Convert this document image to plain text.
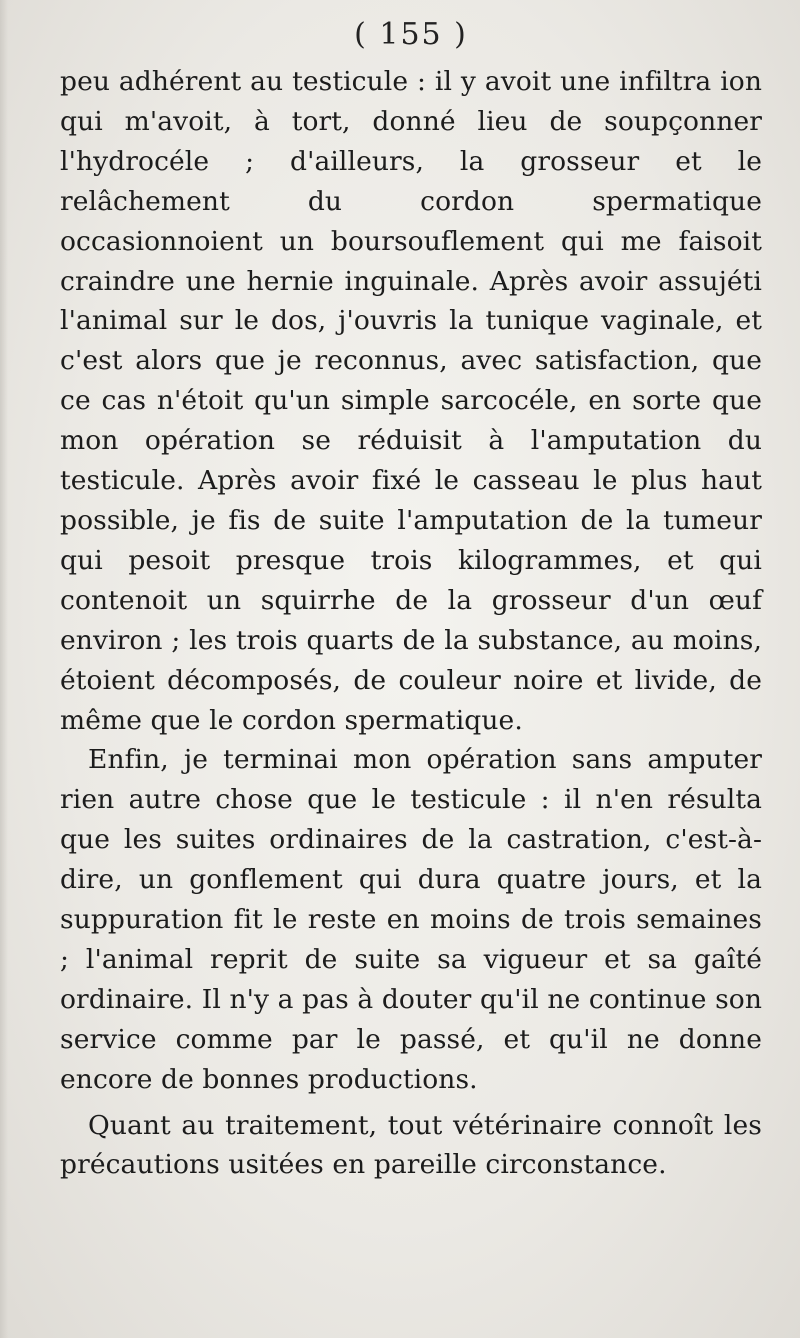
( 155 )

peu adhérent au testicule : il y avoit une infiltra ion qui m'avoit, à tort, donné lieu de soupçonner l'hydrocéle ; d'ailleurs, la grosseur et le relâchement du cordon spermatique occasionnoient un boursouflement qui me faisoit craindre une hernie inguinale. Après avoir assujéti l'animal sur le dos, j'ouvris la tunique vaginale, et c'est alors que je reconnus, avec satisfaction, que ce cas n'étoit qu'un simple sarcocéle, en sorte que mon opération se réduisit à l'amputation du testicule. Après avoir fixé le casseau le plus haut possible, je fis de suite l'amputation de la tumeur qui pesoit presque trois kilogrammes, et qui contenoit un squirrhe de la grosseur d'un œuf environ ; les trois quarts de la substance, au moins, étoient décomposés, de couleur noire et livide, de même que le cordon spermatique.

Enfin, je terminai mon opération sans amputer rien autre chose que le testicule : il n'en résulta que les suites ordinaires de la castration, c'est-à-dire, un gonflement qui dura quatre jours, et la suppuration fit le reste en moins de trois semaines ; l'animal reprit de suite sa vigueur et sa gaîté ordinaire. Il n'y a pas à douter qu'il ne continue son service comme par le passé, et qu'il ne donne encore de bonnes productions.

Quant au traitement, tout vétérinaire connoît les précautions usitées en pareille circonstance.
